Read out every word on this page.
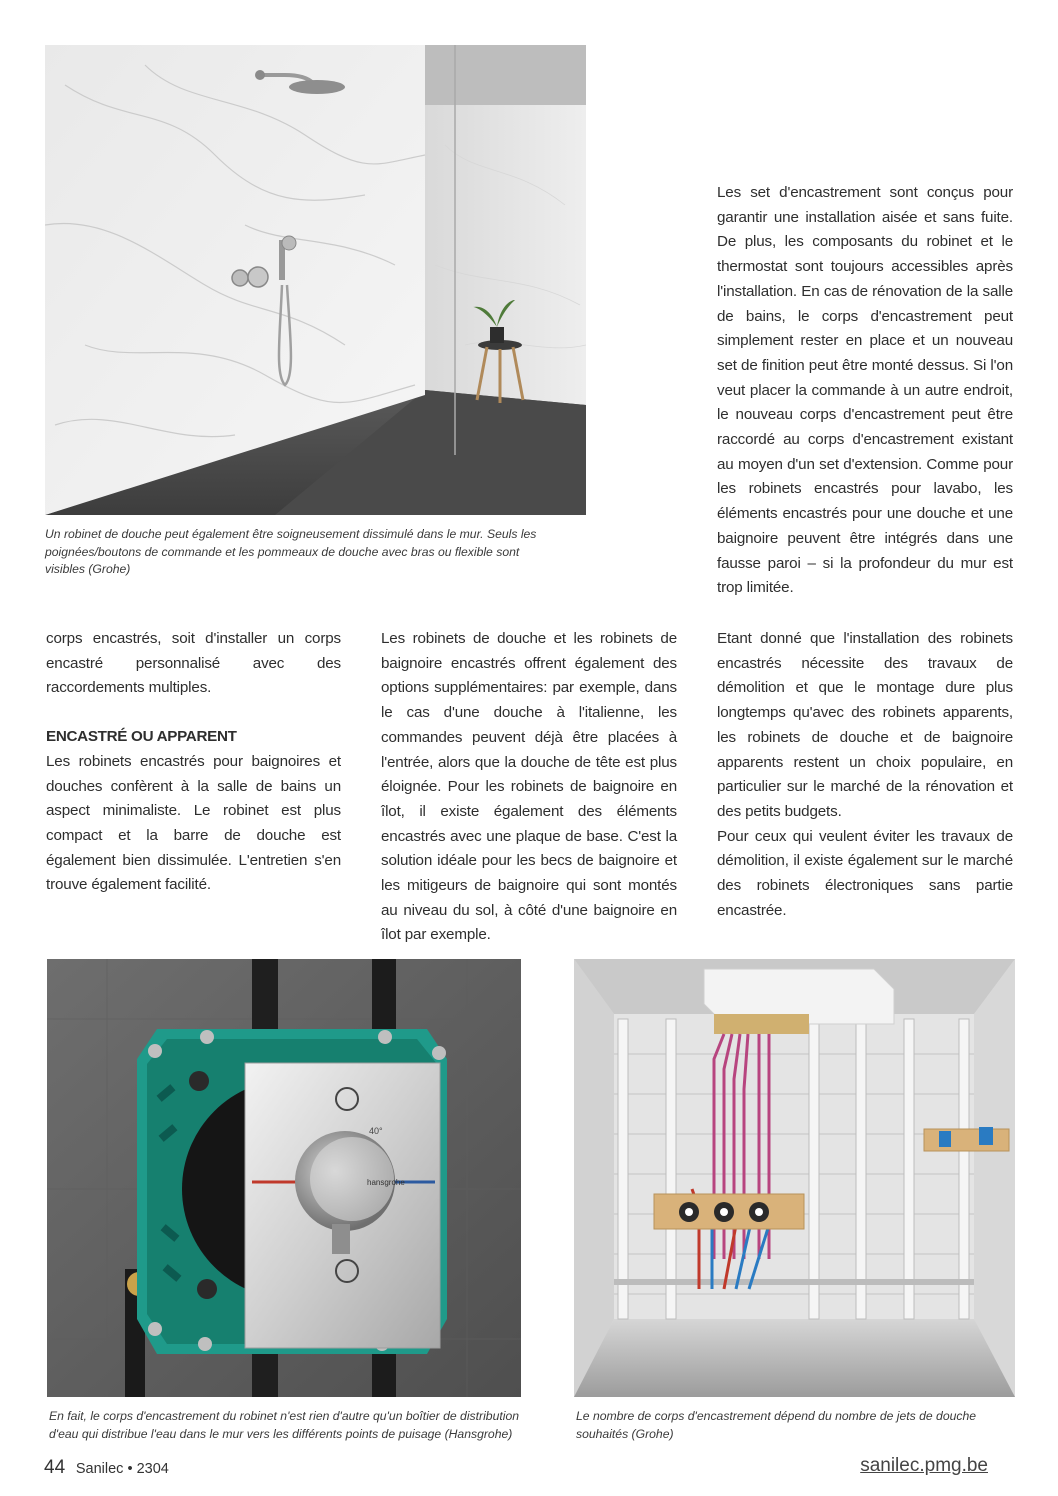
Un robinet de douche peut également être soigneusement dissimulé dans le mur. Seuls les poignées/boutons de commande et les pommeaux de douche avec bras ou flexible sont visibles (Grohe)

Les set d'encastrement sont conçus pour garantir une installation aisée et sans fuite. De plus, les composants du robinet et le thermostat sont toujours accessibles après l'installation. En cas de rénovation de la salle de bains, le corps d'encastrement peut simplement rester en place et un nouveau set de finition peut être monté dessus. Si l'on veut placer la commande à un autre endroit, le nouveau corps d'encastrement peut être raccordé au corps d'encastrement existant au moyen d'un set d'extension. Comme pour les robinets encastrés pour lavabo, les éléments encastrés pour une douche et une baignoire peuvent être intégrés dans une fausse paroi – si la profondeur du mur est trop limitée.

corps encastrés, soit d'installer un corps encastré personnalisé avec des raccordements multiples.

ENCASTRÉ OU APPARENT

Les robinets encastrés pour baignoires et douches confèrent à la salle de bains un aspect minimaliste. Le robinet est plus compact et la barre de douche est également bien dissimulée. L'entretien s'en trouve également facilité.

Les robinets de douche et les robinets de baignoire encastrés offrent également des options supplémentaires: par exemple, dans le cas d'une douche à l'italienne, les commandes peuvent déjà être placées à l'entrée, alors que la douche de tête est plus éloignée. Pour les robinets de baignoire en îlot, il existe également des éléments encastrés avec une plaque de base. C'est la solution idéale pour les becs de baignoire et les mitigeurs de baignoire qui sont montés au niveau du sol, à côté d'une baignoire en îlot par exemple.

Etant donné que l'installation des robinets encastrés nécessite des travaux de démolition et que le montage dure plus longtemps qu'avec des robinets apparents, les robinets de douche et de baignoire apparents restent un choix populaire, en particulier sur le marché de la rénovation et des petits budgets.

Pour ceux qui veulent éviter les travaux de démolition, il existe également sur le marché des robinets électroniques sans partie encastrée.

40°
hansgrohe
En fait, le corps d'encastrement du robinet n'est rien d'autre qu'un boîtier de distribution d'eau qui distribue l'eau dans le mur vers les différents points de puisage (Hansgrohe)
Le nombre de corps d'encastrement dépend du nombre de jets de douche souhaités (Grohe)
44 Sanilec • 2304	sanilec.pmg.be
